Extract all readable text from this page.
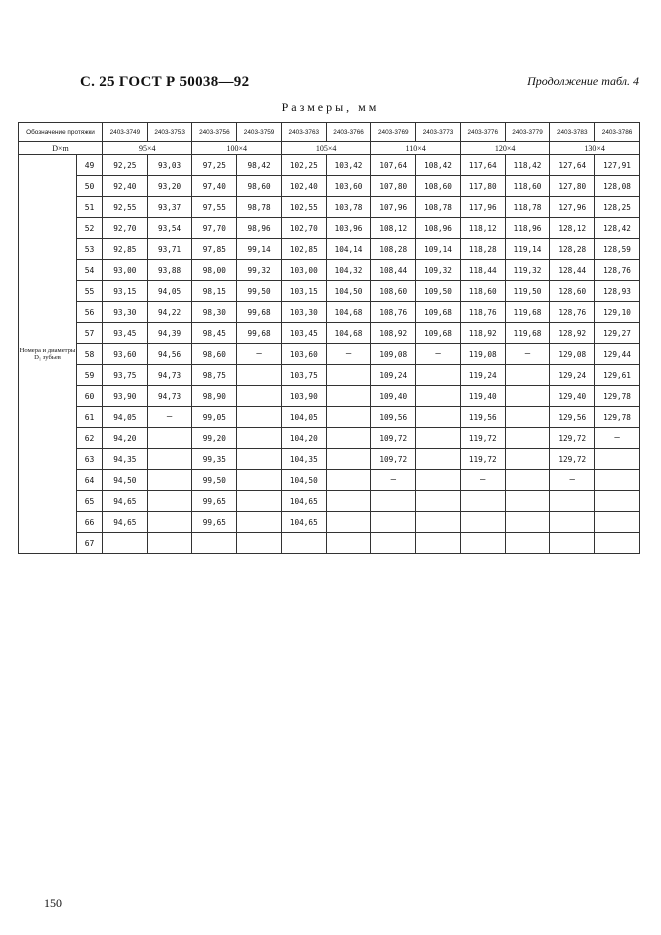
С. 25 ГОСТ Р 50038—92	Продолжение табл. 4
Размеры, мм
Обозначение протяжки		2403-3749	2403-3753	2403-3756	2403-3759	2403-3763	2403-3766	2403-3769	2403-3773	2403-3776	2403-3779	2403-3783	2403-3786
D×m		95×4		100×4		105×4		110×4		120×4		130×4	
Номера и диаметры D₁ зубьев	49	92,25	93,03	97,25	98,42	102,25	103,42	107,64	108,42	117,64	118,42	127,64	127,91
	50	92,40	93,20	97,40	98,60	102,40	103,60	107,80	108,60	117,80	118,60	127,80	128,08
	51	92,55	93,37	97,55	98,78	102,55	103,78	107,96	108,78	117,96	118,78	127,96	128,25
	52	92,70	93,54	97,70	98,96	102,70	103,96	108,12	108,96	118,12	118,96	128,12	128,42
	53	92,85	93,71	97,85	99,14	102,85	104,14	108,28	109,14	118,28	119,14	128,28	128,59
	54	93,00	93,88	98,00	99,32	103,00	104,32	108,44	109,32	118,44	119,32	128,44	128,76
	55	93,15	94,05	98,15	99,50	103,15	104,50	108,60	109,50	118,60	119,50	128,60	128,93
	56	93,30	94,22	98,30	99,68	103,30	104,68	108,76	109,68	118,76	119,68	128,76	129,10
	57	93,45	94,39	98,45	99,68	103,45	104,68	108,92	109,68	118,92	119,68	128,92	129,27
	58	93,60	94,56	98,60	—	103,60	—	109,08	—	119,08	—	129,08	129,44
	59	93,75	94,73	98,75		103,75		109,24		119,24		129,24	129,61
	60	93,90	94,73	98,90		103,90		109,40		119,40		129,40	129,78
	61	94,05	—	99,05		104,05		109,56		119,56		129,56	129,78
	62	94,20		99,20		104,20		109,72		119,72		129,72	—
	63	94,35		99,35		104,35		109,72		119,72		129,72	
	64	94,50		99,50		104,50		—		—		—	
	65	94,65		99,65		104,65							
	66	94,65		99,65		104,65							
	67												
150
